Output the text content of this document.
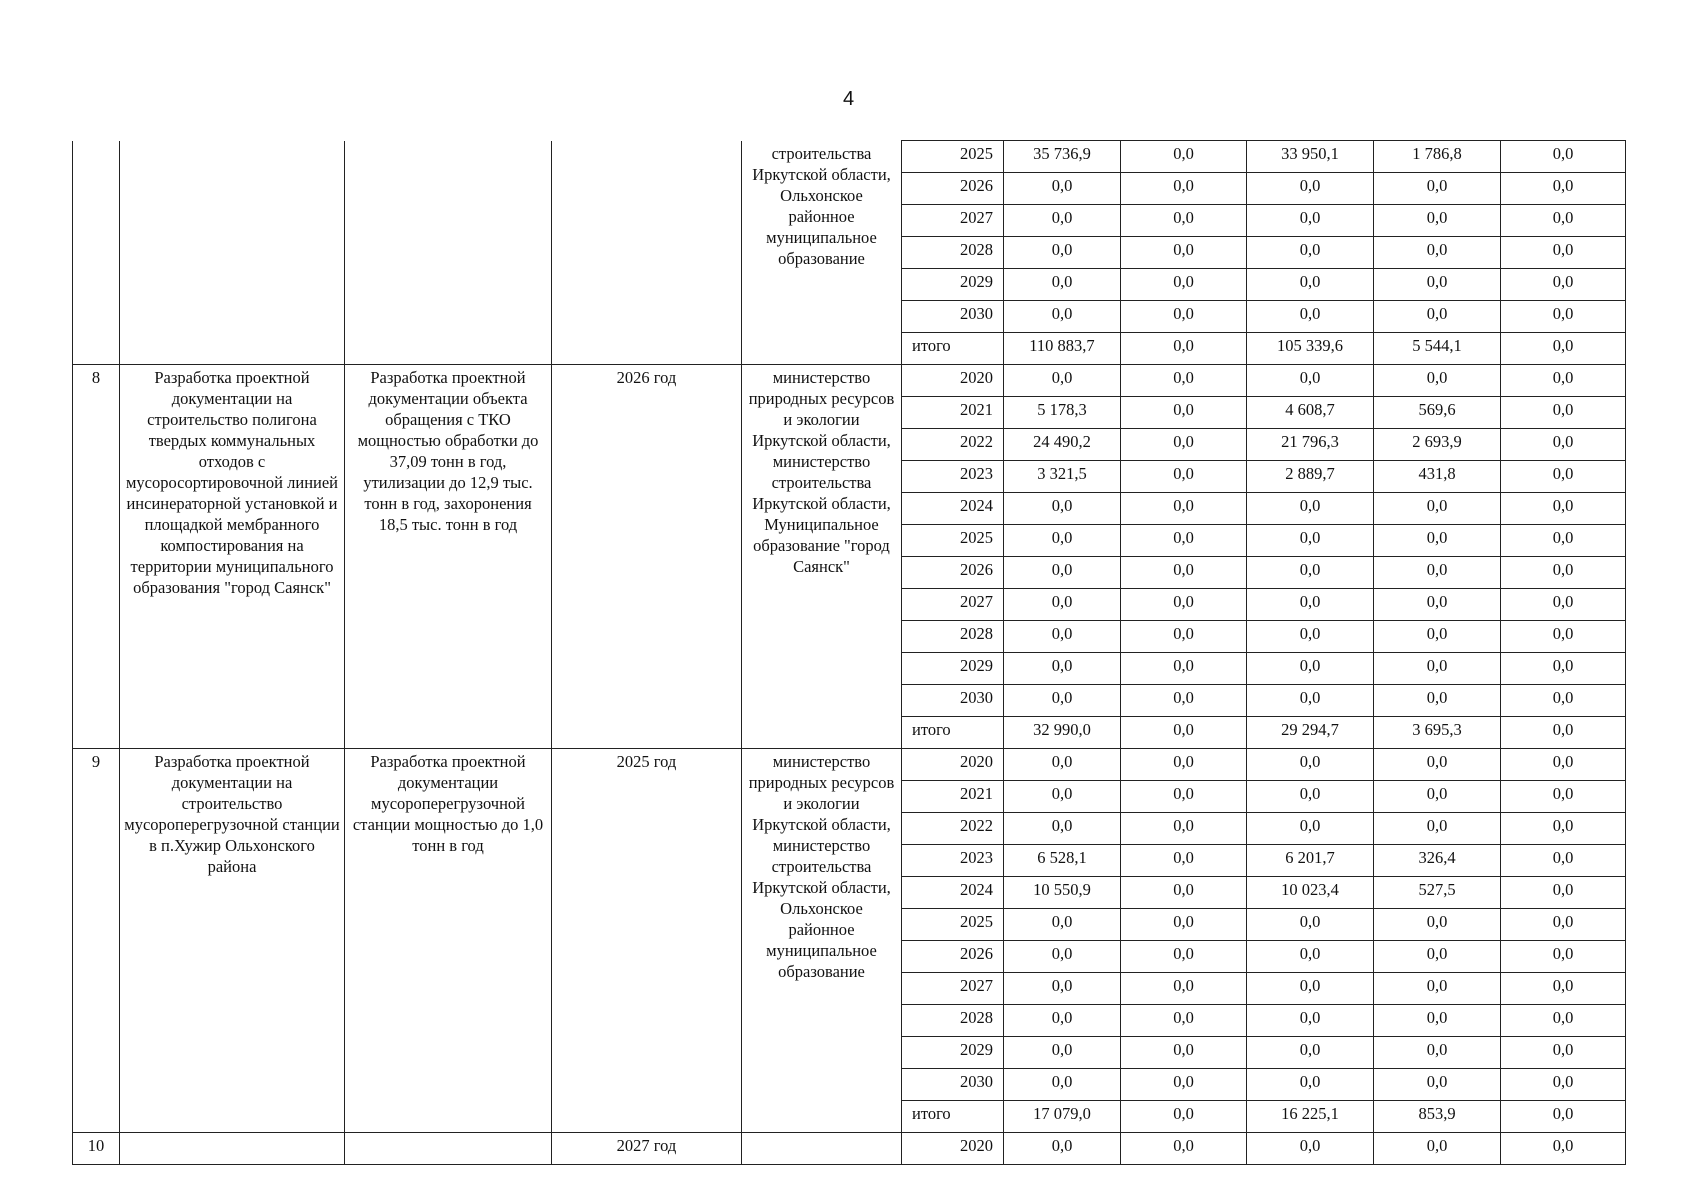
4
				строительства Иркутской области, Ольхонское районное муниципальное образование	2025	35 736,9	0,0	33 950,1	1 786,8	0,0
					2026	0,0	0,0	0,0	0,0	0,0
					2027	0,0	0,0	0,0	0,0	0,0
					2028	0,0	0,0	0,0	0,0	0,0
					2029	0,0	0,0	0,0	0,0	0,0
					2030	0,0	0,0	0,0	0,0	0,0
					итого	110 883,7	0,0	105 339,6	5 544,1	0,0
8	Разработка проектной документации на строительство полигона твердых коммунальных отходов с мусоросортировочной линией инсинераторной установкой и площадкой мембранного компостирования на территории муниципального образования "город Саянск"	Разработка проектной документации объекта обращения с ТКО мощностью обработки до 37,09 тонн в год, утилизации до 12,9 тыс. тонн в год, захоронения 18,5 тыс. тонн в год	2026 год	министерство природных ресурсов и экологии Иркутской области, министерство строительства Иркутской области, Муниципальное образование "город Саянск"	2020	0,0	0,0	0,0	0,0	0,0
					2021	5 178,3	0,0	4 608,7	569,6	0,0
					2022	24 490,2	0,0	21 796,3	2 693,9	0,0
					2023	3 321,5	0,0	2 889,7	431,8	0,0
					2024	0,0	0,0	0,0	0,0	0,0
					2025	0,0	0,0	0,0	0,0	0,0
					2026	0,0	0,0	0,0	0,0	0,0
					2027	0,0	0,0	0,0	0,0	0,0
					2028	0,0	0,0	0,0	0,0	0,0
					2029	0,0	0,0	0,0	0,0	0,0
					2030	0,0	0,0	0,0	0,0	0,0
					итого	32 990,0	0,0	29 294,7	3 695,3	0,0
9	Разработка проектной документации на строительство мусороперегрузочной станции в п.Хужир Ольхонского района	Разработка проектной документации мусороперегрузочной станции мощностью до 1,0 тонн в год	2025 год	министерство природных ресурсов и экологии Иркутской области, министерство строительства Иркутской области, Ольхонское районное муниципальное образование	2020	0,0	0,0	0,0	0,0	0,0
					2021	0,0	0,0	0,0	0,0	0,0
					2022	0,0	0,0	0,0	0,0	0,0
					2023	6 528,1	0,0	6 201,7	326,4	0,0
					2024	10 550,9	0,0	10 023,4	527,5	0,0
					2025	0,0	0,0	0,0	0,0	0,0
					2026	0,0	0,0	0,0	0,0	0,0
					2027	0,0	0,0	0,0	0,0	0,0
					2028	0,0	0,0	0,0	0,0	0,0
					2029	0,0	0,0	0,0	0,0	0,0
					2030	0,0	0,0	0,0	0,0	0,0
					итого	17 079,0	0,0	16 225,1	853,9	0,0
10			2027 год		2020	0,0	0,0	0,0	0,0	0,0
